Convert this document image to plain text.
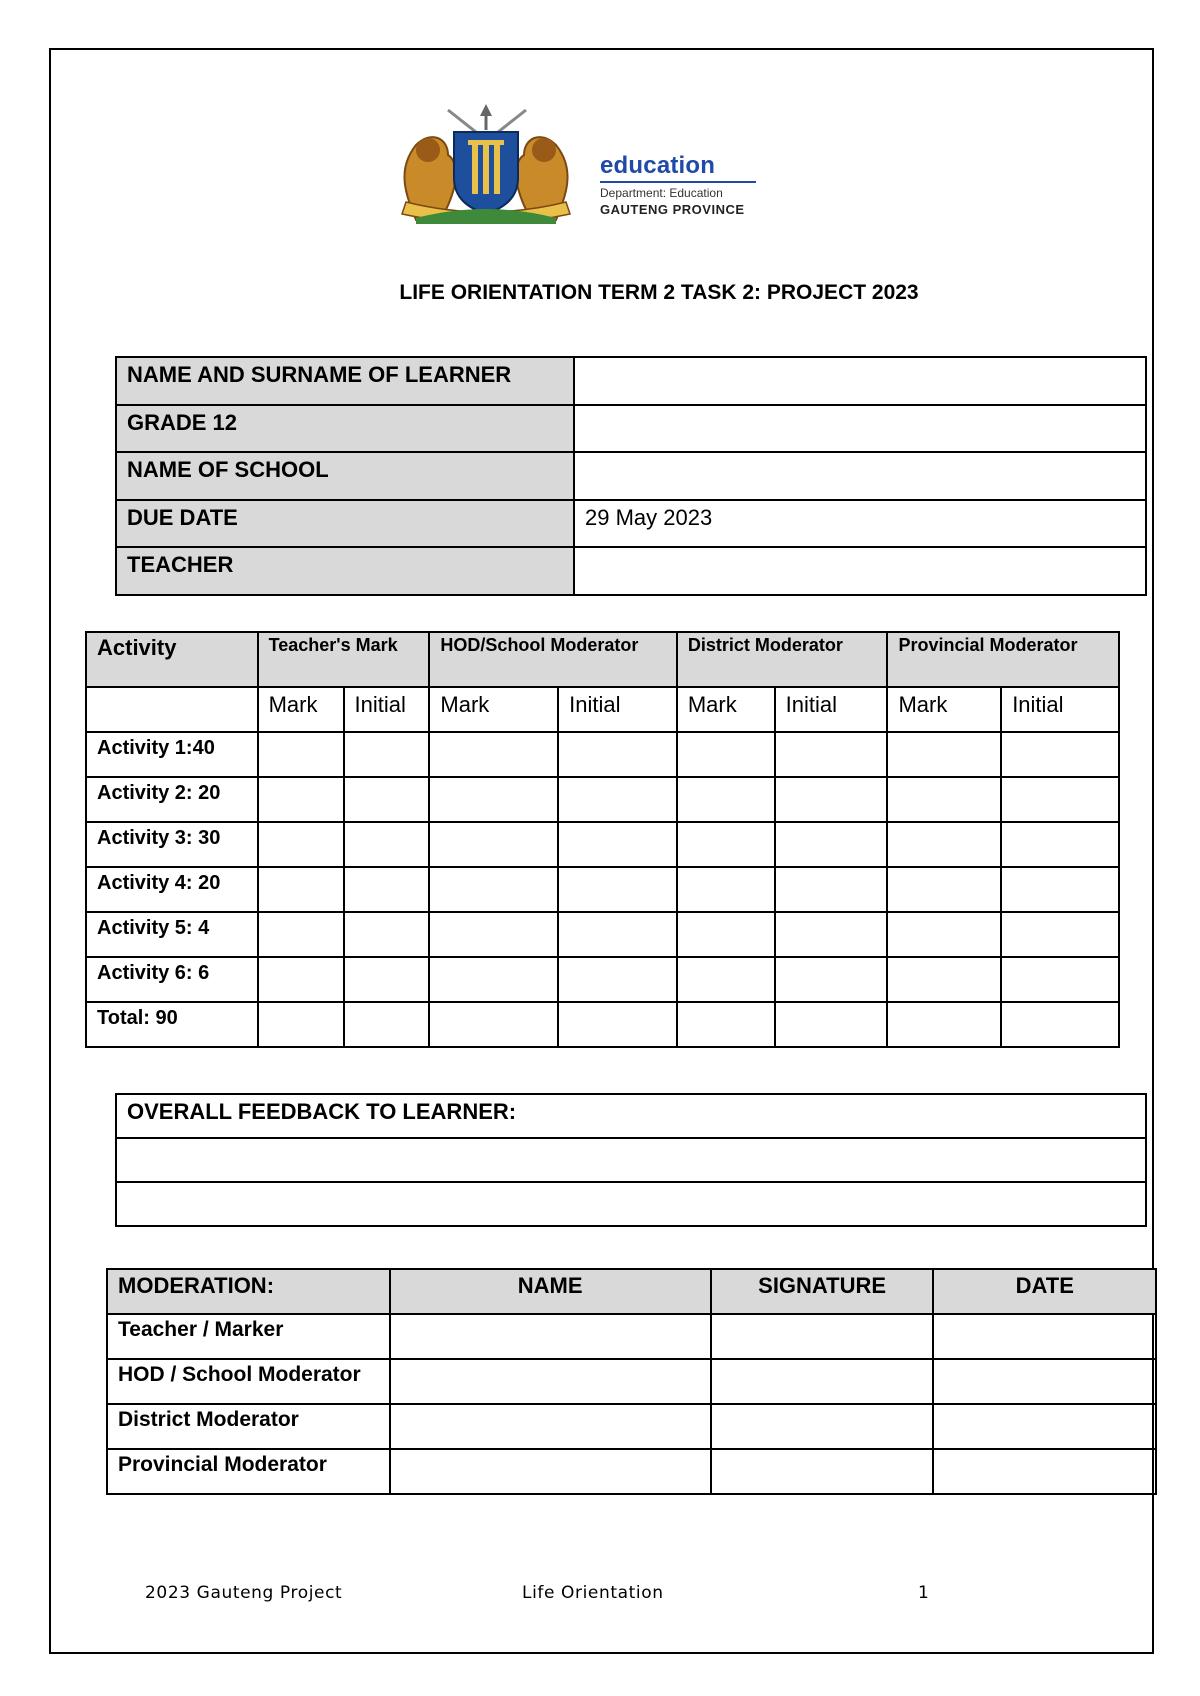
education
Department: Education
GAUTENG PROVINCE
LIFE ORIENTATION TERM 2 TASK 2: PROJECT 2023
NAME AND SURNAME OF LEARNER	
GRADE 12	
NAME OF SCHOOL	
DUE DATE	29 May 2023
TEACHER	
Activity	Teacher's Mark		HOD/School Moderator		District Moderator		Provincial Moderator	
	Mark	Initial	Mark	Initial	Mark	Initial	Mark	Initial
Activity 1:40								
Activity 2: 20								
Activity 3: 30								
Activity 4: 20								
Activity 5: 4								
Activity 6: 6								
Total: 90								
OVERALL FEEDBACK TO LEARNER:

MODERATION:	NAME	SIGNATURE	DATE
Teacher / Marker			
HOD / School Moderator			
District Moderator			
Provincial Moderator			
2023 Gauteng Project	Life Orientation	1
